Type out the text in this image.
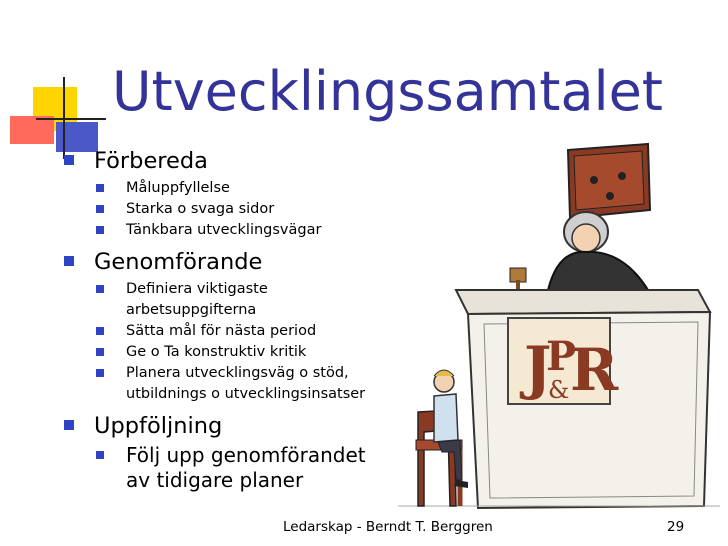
Utvecklingssamtalet
Förbereda
Måluppfyllelse
Starka o svaga sidor
Tänkbara utvecklingsvägar
Genomförande
Definiera viktigaste arbetsuppgifterna
Sätta mål för nästa period
Ge o Ta konstruktiv kritik
Planera utvecklingsväg o stöd, utbildnings o utvecklingsinsatser
Uppföljning
Följ upp genomförandet av tidigare planer
J
P
& R
Ledarskap - Berndt T. Berggren	29
